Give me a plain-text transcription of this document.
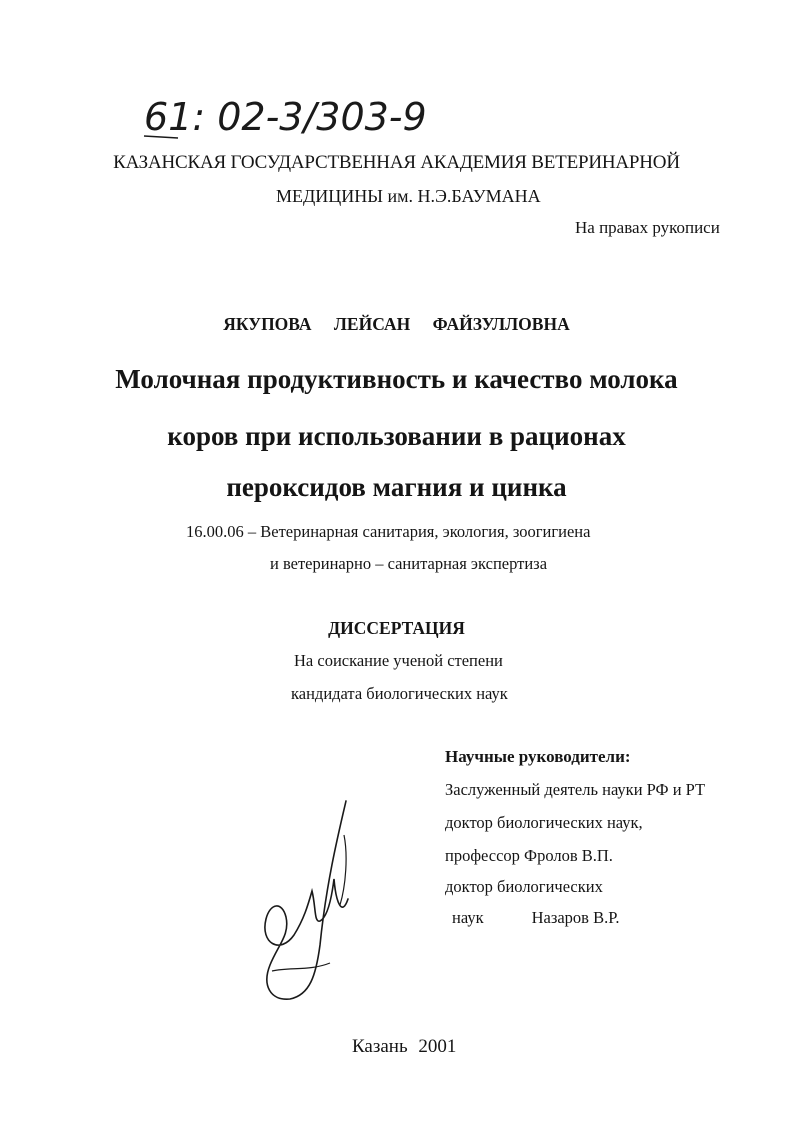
61: 02-3/303-9
КАЗАНСКАЯ ГОСУДАРСТВЕННАЯ АКАДЕМИЯ ВЕТЕРИНАРНОЙ
МЕДИЦИНЫ им. Н.Э.БАУМАНА
На правах рукописи
ЯКУПОВА ЛЕЙСАН ФАЙЗУЛЛОВНА
Молочная продуктивность и качество молока
коров при использовании в рационах
пероксидов магния и цинка
16.00.06 – Ветеринарная санитария, экология, зоогигиена
и ветеринарно – санитарная экспертиза
ДИССЕРТАЦИЯ
На соискание ученой степени
кандидата биологических наук
Научные руководители:
Заслуженный деятель науки РФ и РТ
доктор биологических наук,
профессор Фролов В.П.
доктор биологических
наук	Назаров В.Р.
Казань 2001
